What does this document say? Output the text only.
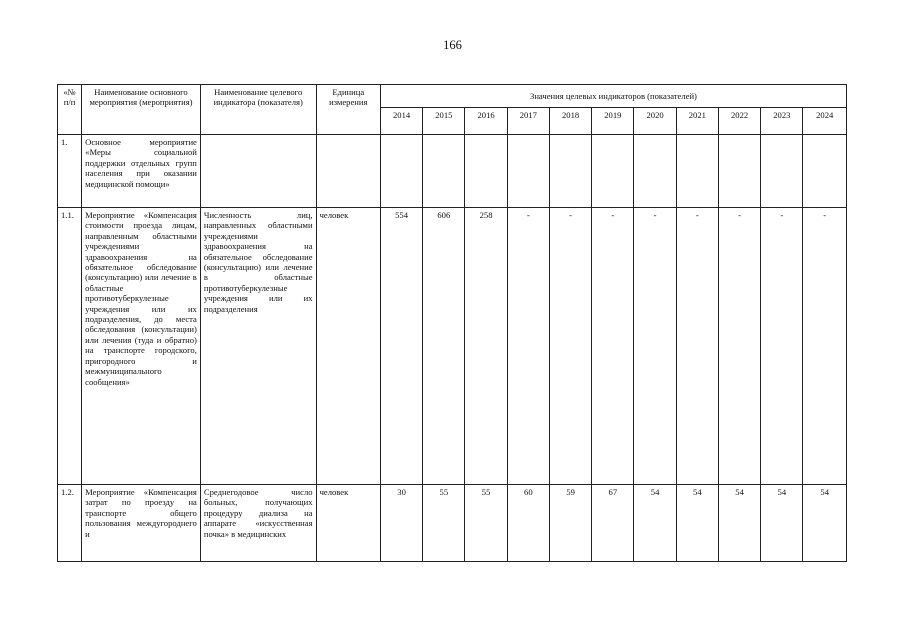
166
«№ п/п	Наименование основного мероприятия (мероприятия)	Наименование целевого индикатора (показателя)	Единица измерения	Значения целевых индикаторов (показателей)										
				2014	2015	2016	2017	2018	2019	2020	2021	2022	2023	2024
1.	Основное мероприятие «Меры социальной поддержки отдельных групп населения при оказании медицинской помощи»													
1.1.	Мероприятие «Компенсация стоимости проезда лицам, направленным областными учреждениями здравоохранения на обязательное обследование (консультацию) или лечение в областные противотуберкулезные учреждения или их подразделения, до места обследования (консультации) или лечения (туда и обратно) на транспорте городского, пригородного и межмуниципального сообщения»	Численность лиц, направленных областными учреждениями здравоохранения на обязательное обследование (консультацию) или лечение в областные противотуберкулезные учреждения или их подразделения	человек	554	606	258	-	-	-	-	-	-	-	-
1.2.	Мероприятие «Компенсация затрат по проезду на транспорте общего пользования междугороднего и	Среднегодовое число больных, получающих процедуру диализа на аппарате «искусственная почка» в медицинских	человек	30	55	55	60	59	67	54	54	54	54	54
